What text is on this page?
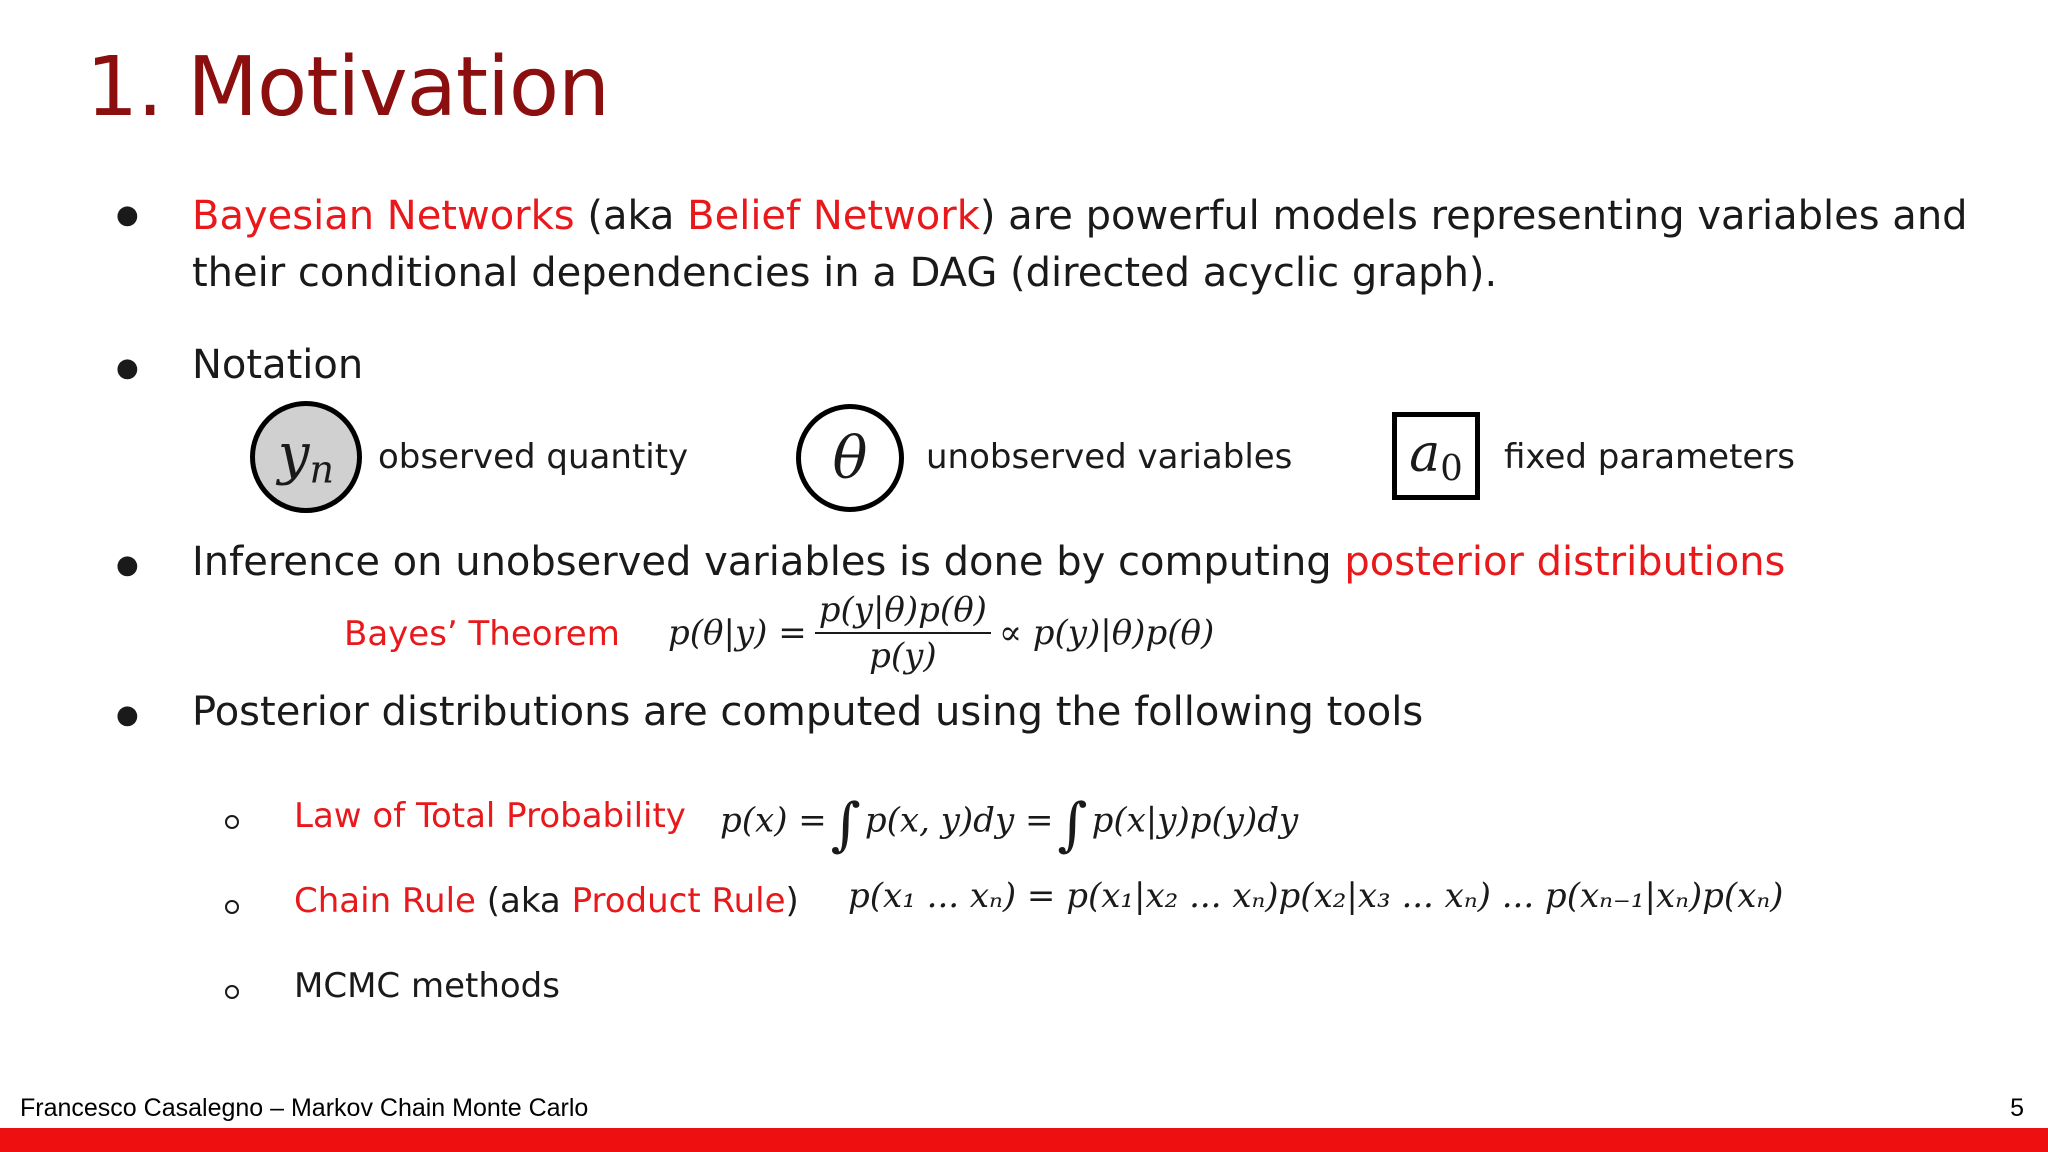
1. Motivation
● Bayesian Networks (aka Belief Network) are powerful models representing variables and
their conditional dependencies in a DAG (directed acyclic graph).
● Notation
$y_n$ observed quantity θ unobserved variables $a_0$ fixed parameters
● Inference on unobserved variables is done by computing posterior distributions
Bayes’ Theorem $p(\theta|y) = \frac{p(y|\theta)p(\theta)}{p(y)} \propto p(y)|\theta)p(\theta)$
● Posterior distributions are computed using the following tools
Law of Total Probability p(x) =∫ p(x, y)dy =∫ p(x|y)p(y)dy
Chain Rule (aka Product Rule) p(x₁ ... xₙ) = p(x₁|x₂ ... xₙ)p(x₂|x₃ ... xₙ) ... p(xₙ₋₁|xₙ)p(xₙ)
MCMC methods
Francesco Casalegno – Markov Chain Monte Carlo	5
